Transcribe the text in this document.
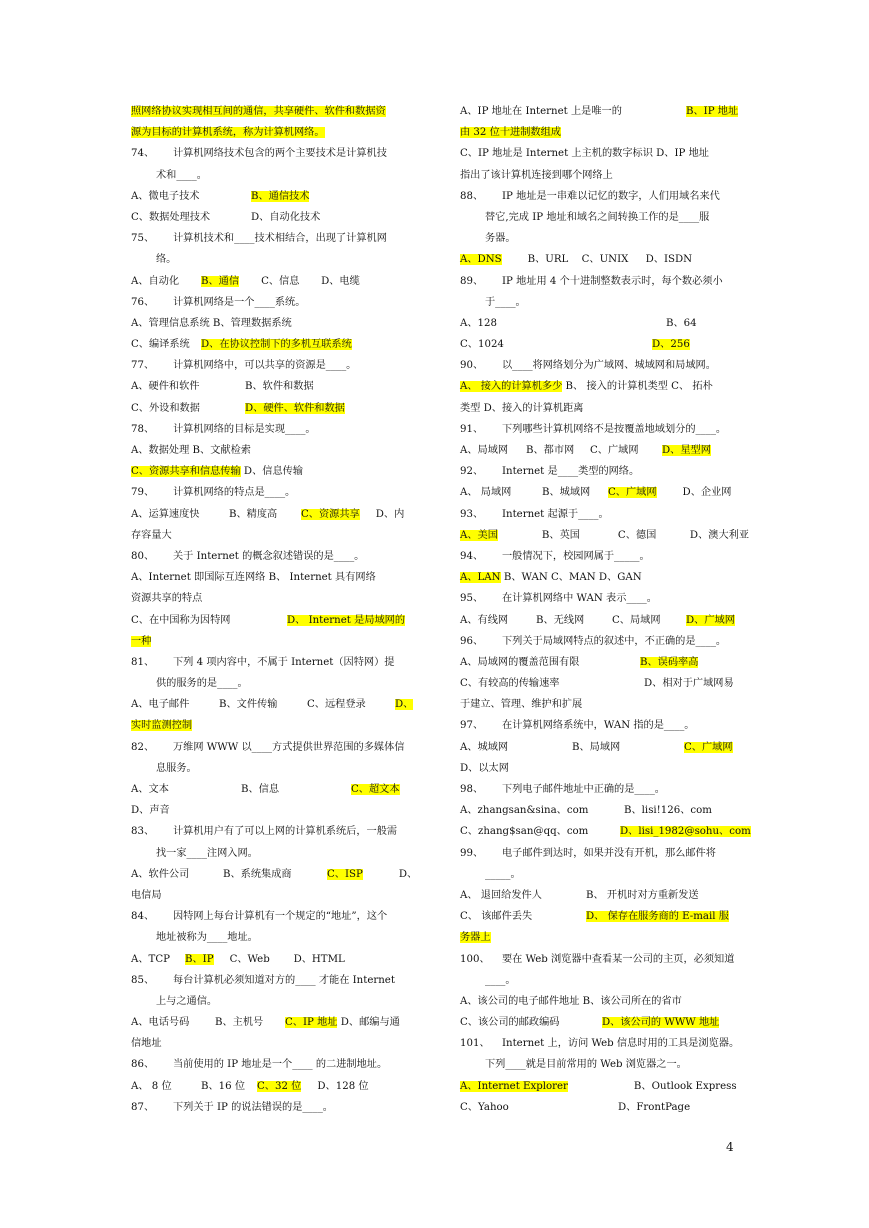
照网络协议实现相互间的通信，共享硬件、软件和数据资
源为目标的计算机系统，称为计算机网络。
74、 计算机网络技术包含的两个主要技术是计算机技
术和____。
A、微电子技术	B、通信技术
C、数据处理技术	D、自动化技术
75、 计算机技术和____技术相结合，出现了计算机网
络。
A、自动化 B、通信 C、信息 D、电缆
76、 计算机网络是一个____系统。
A、管理信息系统 B、管理数据系统
C、编译系统 D、在协议控制下的多机互联系统
77、 计算机网络中，可以共享的资源是____。
A、硬件和软件	B、软件和数据
C、外设和数据	D、硬件、软件和数据
78、 计算机网络的目标是实现____。
A、数据处理 B、文献检索
C、资源共享和信息传输 D、信息传输
79、 计算机网络的特点是____。
A、运算速度快	B、精度高 C、资源共享 D、内
存容量大
80、 关于 Internet 的概念叙述错误的是____。
A、Internet 即国际互连网络 B、 Internet 具有网络
资源共享的特点
C、在中国称为因特网	D、 Internet 是局域网的
一种
81、 下列 4 项内容中，不属于 Internet（因特网）提
供的服务的是____。
A、电子邮件	B、文件传输	C、远程登录	D、
实时监测控制
82、 万维网 WWW 以____方式提供世界范围的多媒体信
息服务。
A、文本	B、信息	C、超文本
D、声音
83、 计算机用户有了可以上网的计算机系统后，一般需
找一家____注网入网。
A、软件公司	B、系统集成商	C、ISP	D、
电信局
84、 因特网上每台计算机有一个规定的“地址”，这个
地址被称为____地址。
A、TCP B、IP C、Web D、HTML
85、 每台计算机必须知道对方的____ 才能在 Internet
上与之通信。
A、电话号码	B、主机号 C、IP 地址 D、邮编与通
信地址
86、 当前使用的 IP 地址是一个____ 的二进制地址。
A、 8 位	B、16 位 C、32 位 D、128 位
87、 下列关于 IP 的说法错误的是____。
A、IP 地址在 Internet 上是唯一的	B、IP 地址
由 32 位十进制数组成
C、IP 地址是 Internet 上主机的数字标识 D、IP 地址
指出了该计算机连接到哪个网络上
88、 IP 地址是一串难以记忆的数字，人们用域名来代
替它,完成 IP 地址和域名之间转换工作的是____服
务器。
A、DNS	B、URL C、UNIX D、ISDN
89、 IP 地址用 4 个十进制整数表示时，每个数必须小
于____。
A、128	B、64
C、1024	D、256
90、 以____将网络划分为广域网、城域网和局域网。
A、 接入的计算机多少 B、 接入的计算机类型 C、 拓朴
类型 D、接入的计算机距离
91、 下列哪些计算机网络不是按覆盖地域划分的____。
A、局域网 B、都市网 C、广域网 D、星型网
92、 Internet 是____类型的网络。
A、 局域网	B、城域网 C、广域网	D、企业网
93、 Internet 起源于____。
A、美国	B、英国	C、德国	D、澳大利亚
94、 一般情况下，校园网属于_____。
A、LAN B、WAN C、MAN D、GAN
95、 在计算机网络中 WAN 表示____。
A、有线网	B、无线网	C、局域网 D、广域网
96、 下列关于局域网特点的叙述中，不正确的是____。
A、局域网的覆盖范围有限	B、误码率高
C、有较高的传输速率	D、相对于广域网易
于建立、管理、维护和扩展
97、 在计算机网络系统中，WAN 指的是____。
A、城域网	B、局域网	C、广域网
D、以太网
98、 下列电子邮件地址中正确的是____。
A、zhangsan&sina、com	B、lisi!126、com
C、zhang$san@qq、com	D、lisi_1982@sohu、com
99、 电子邮件到达时，如果并没有开机，那么邮件将
_____。
A、 退回给发件人	B、 开机时对方重新发送
C、 该邮件丢失	D、 保存在服务商的 E-mail 服
务器上
100、 要在 Web 浏览器中查看某一公司的主页，必须知道
____。
A、该公司的电子邮件地址 B、该公司所在的省市
C、该公司的邮政编码	D、该公司的 WWW 地址
101、 Internet 上，访问 Web 信息时用的工具是浏览器。
下列____就是目前常用的 Web 浏览器之一。
A、Internet Explorer	B、Outlook Express
C、Yahoo	D、FrontPage
4
